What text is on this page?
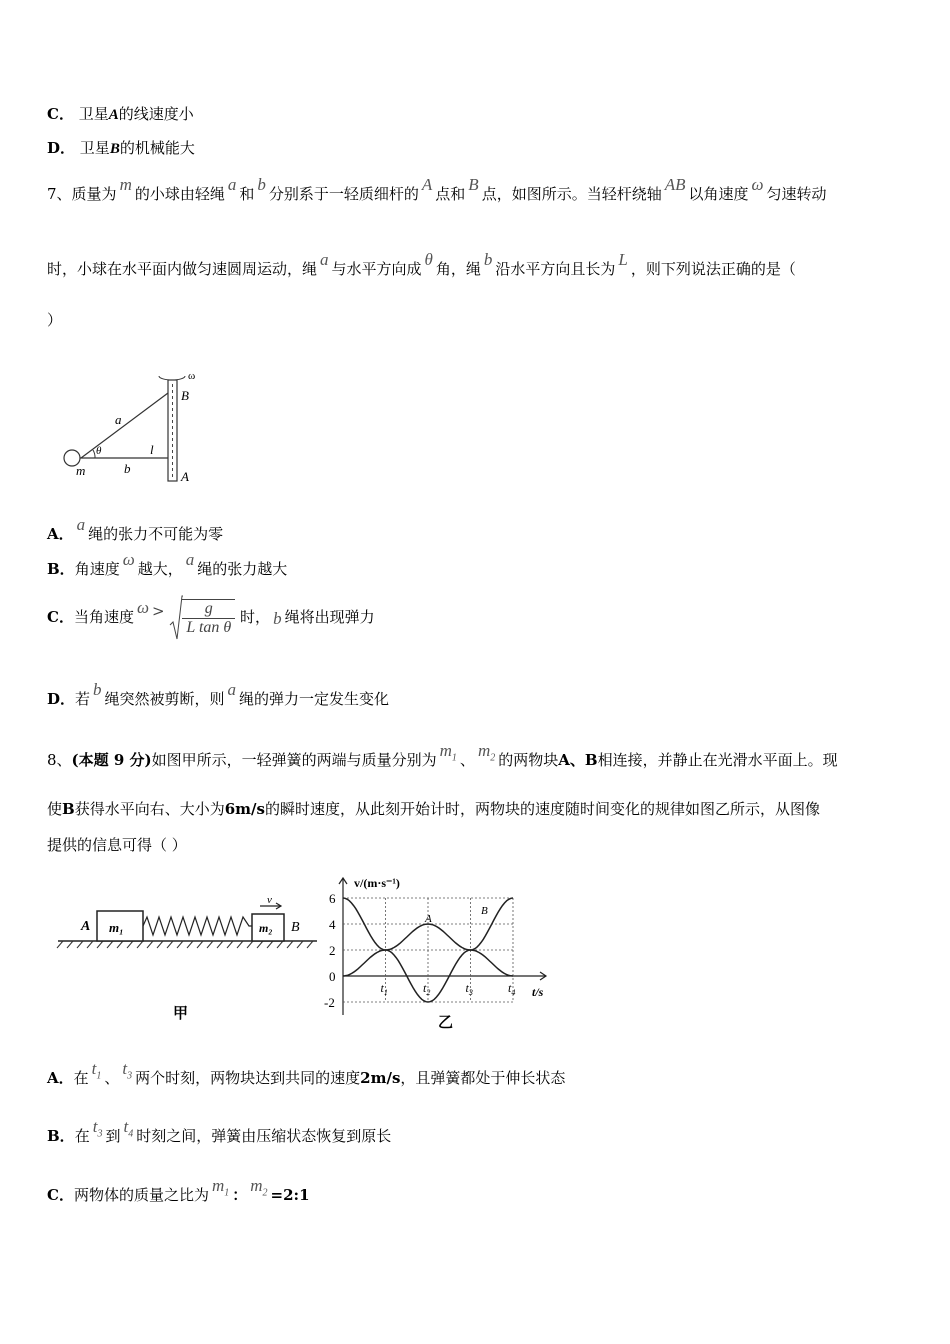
C． 卫星A的线速度小
D． 卫星B的机械能大
7、质量为 m 的小球由轻绳 a 和 b 分别系于一轻质细杆的 A 点和 B 点，如图所示。当轻杆绕轴 AB 以角速度 ω 匀速转动
时，小球在水平面内做匀速圆周运动，绳 a 与水平方向成 θ 角，绳 b 沿水平方向且长为 L ，则下列说法正确的是（
）
ω
B
a
θ	l
m	b
A
A． a 绳的张力不可能为零
B．角速度 ω 越大， a 绳的张力越大
C．当角速度 $\omega > \frac{g}{\text{L tan θ}}$ 时， b 绳将出现弹力
D．若 b 绳突然被剪断，则 a 绳的弹力一定发生变化
8、(本题 9 分)如图甲所示，一轻弹簧的两端与质量分别为 $m_1$ 、 $m_2$ 的两物块A、B相连接，并静止在光滑水平面上。现
使B获得水平向右、大小为6m/s的瞬时速度，从此刻开始计时，两物块的速度随时间变化的规律如图乙所示，从图像
提供的信息可得（ ）
A m₁	m₂ B
v
甲
v/(m·s⁻¹)
t/s
6
4
2
0
-2
$t_1$	$t_2$	$t_3$	$t_4$
A
B
乙
A．在 $t_1$ 、 $t_3$ 两个时刻，两物块达到共同的速度2m/s，且弹簧都处于伸长状态
B．在 $t_3$ 到 $t_4$ 时刻之间，弹簧由压缩状态恢复到原长
C．两物体的质量之比为 $m_1$ ： $m_2$ =2:1
